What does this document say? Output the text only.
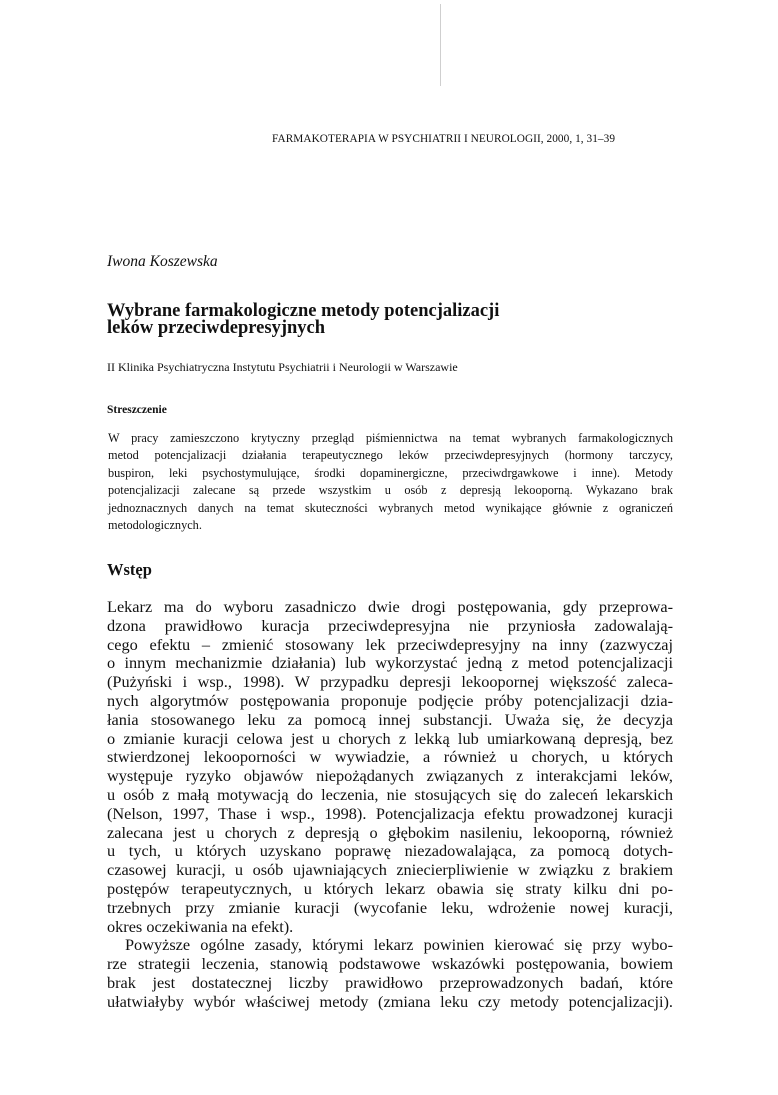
FARMAKOTERAPIA W PSYCHIATRII I NEUROLOGII, 2000, 1, 31–39
Iwona Koszewska
Wybrane farmakologiczne metody potencjalizacji
leków przeciwdepresyjnych
II Klinika Psychiatryczna Instytutu Psychiatrii i Neurologii w Warszawie
Streszczenie
W pracy zamieszczono krytyczny przegląd piśmiennictwa na temat wybranych farmakologicznych
metod potencjalizacji działania terapeutycznego leków przeciwdepresyjnych (hormony tarczycy,
buspiron, leki psychostymulujące, środki dopaminergiczne, przeciwdrgawkowe i inne). Metody
potencjalizacji zalecane są przede wszystkim u osób z depresją lekooporną. Wykazano brak
jednoznacznych danych na temat skuteczności wybranych metod wynikające głównie z ograniczeń
metodologicznych.
Wstęp
Lekarz ma do wyboru zasadniczo dwie drogi postępowania, gdy przeprowa-
dzona prawidłowo kuracja przeciwdepresyjna nie przyniosła zadowalają-
cego efektu – zmienić stosowany lek przeciwdepresyjny na inny (zazwyczaj
o innym mechanizmie działania) lub wykorzystać jedną z metod potencjalizacji
(Pużyński i wsp., 1998). W przypadku depresji lekoopornej większość zaleca-
nych algorytmów postępowania proponuje podjęcie próby potencjalizacji dzia-
łania stosowanego leku za pomocą innej substancji. Uważa się, że decyzja
o zmianie kuracji celowa jest u chorych z lekką lub umiarkowaną depresją, bez
stwierdzonej lekooporności w wywiadzie, a również u chorych, u których
występuje ryzyko objawów niepożądanych związanych z interakcjami leków,
u osób z małą motywacją do leczenia, nie stosujących się do zaleceń lekarskich
(Nelson, 1997, Thase i wsp., 1998). Potencjalizacja efektu prowadzonej kuracji
zalecana jest u chorych z depresją o głębokim nasileniu, lekooporną, również
u tych, u których uzyskano poprawę niezadowalająca, za pomocą dotych-
czasowej kuracji, u osób ujawniających zniecierpliwienie w związku z brakiem
postępów terapeutycznych, u których lekarz obawia się straty kilku dni po-
trzebnych przy zmianie kuracji (wycofanie leku, wdrożenie nowej kuracji,
okres oczekiwania na efekt).
Powyższe ogólne zasady, którymi lekarz powinien kierować się przy wybo-
rze strategii leczenia, stanowią podstawowe wskazówki postępowania, bowiem
brak jest dostatecznej liczby prawidłowo przeprowadzonych badań, które
ułatwiałyby wybór właściwej metody (zmiana leku czy metody potencjalizacji).
